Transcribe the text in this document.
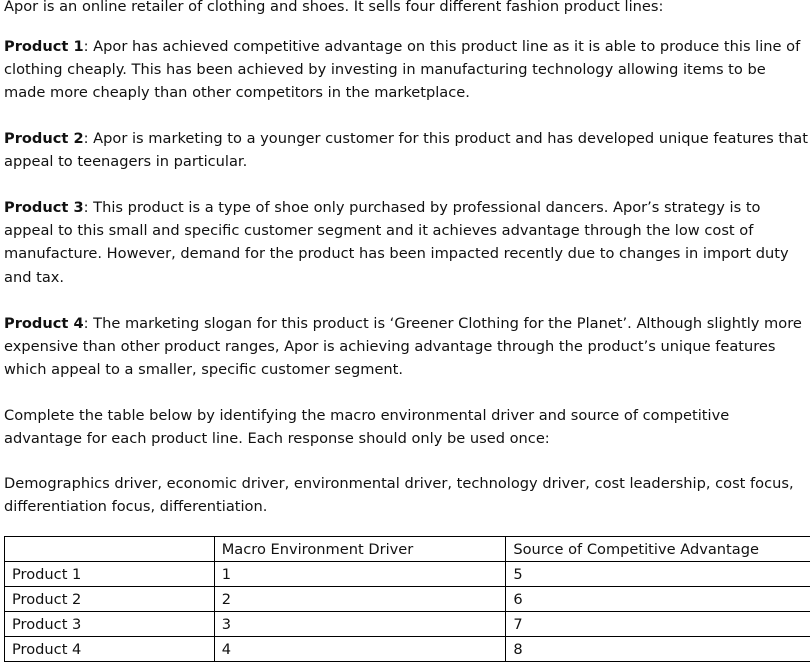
Apor is an online retailer of clothing and shoes. It sells four different fashion product lines:

Product 1: Apor has achieved competitive advantage on this product line as it is able to produce this line of clothing cheaply. This has been achieved by investing in manufacturing technology allowing items to be made more cheaply than other competitors in the marketplace.

Product 2: Apor is marketing to a younger customer for this product and has developed unique features that appeal to teenagers in particular.

Product 3: This product is a type of shoe only purchased by professional dancers. Apor’s strategy is to appeal to this small and specific customer segment and it achieves advantage through the low cost of manufacture. However, demand for the product has been impacted recently due to changes in import duty and tax.

Product 4: The marketing slogan for this product is ‘Greener Clothing for the Planet’. Although slightly more expensive than other product ranges, Apor is achieving advantage through the product’s unique features which appeal to a smaller, specific customer segment.

Complete the table below by identifying the macro environmental driver and source of competitive advantage for each product line. Each response should only be used once:

Demographics driver, economic driver, environmental driver, technology driver, cost leadership, cost focus, differentiation focus, differentiation.

	Macro Environment Driver	Source of Competitive Advantage
Product 1	1	5
Product 2	2	6
Product 3	3	7
Product 4	4	8
